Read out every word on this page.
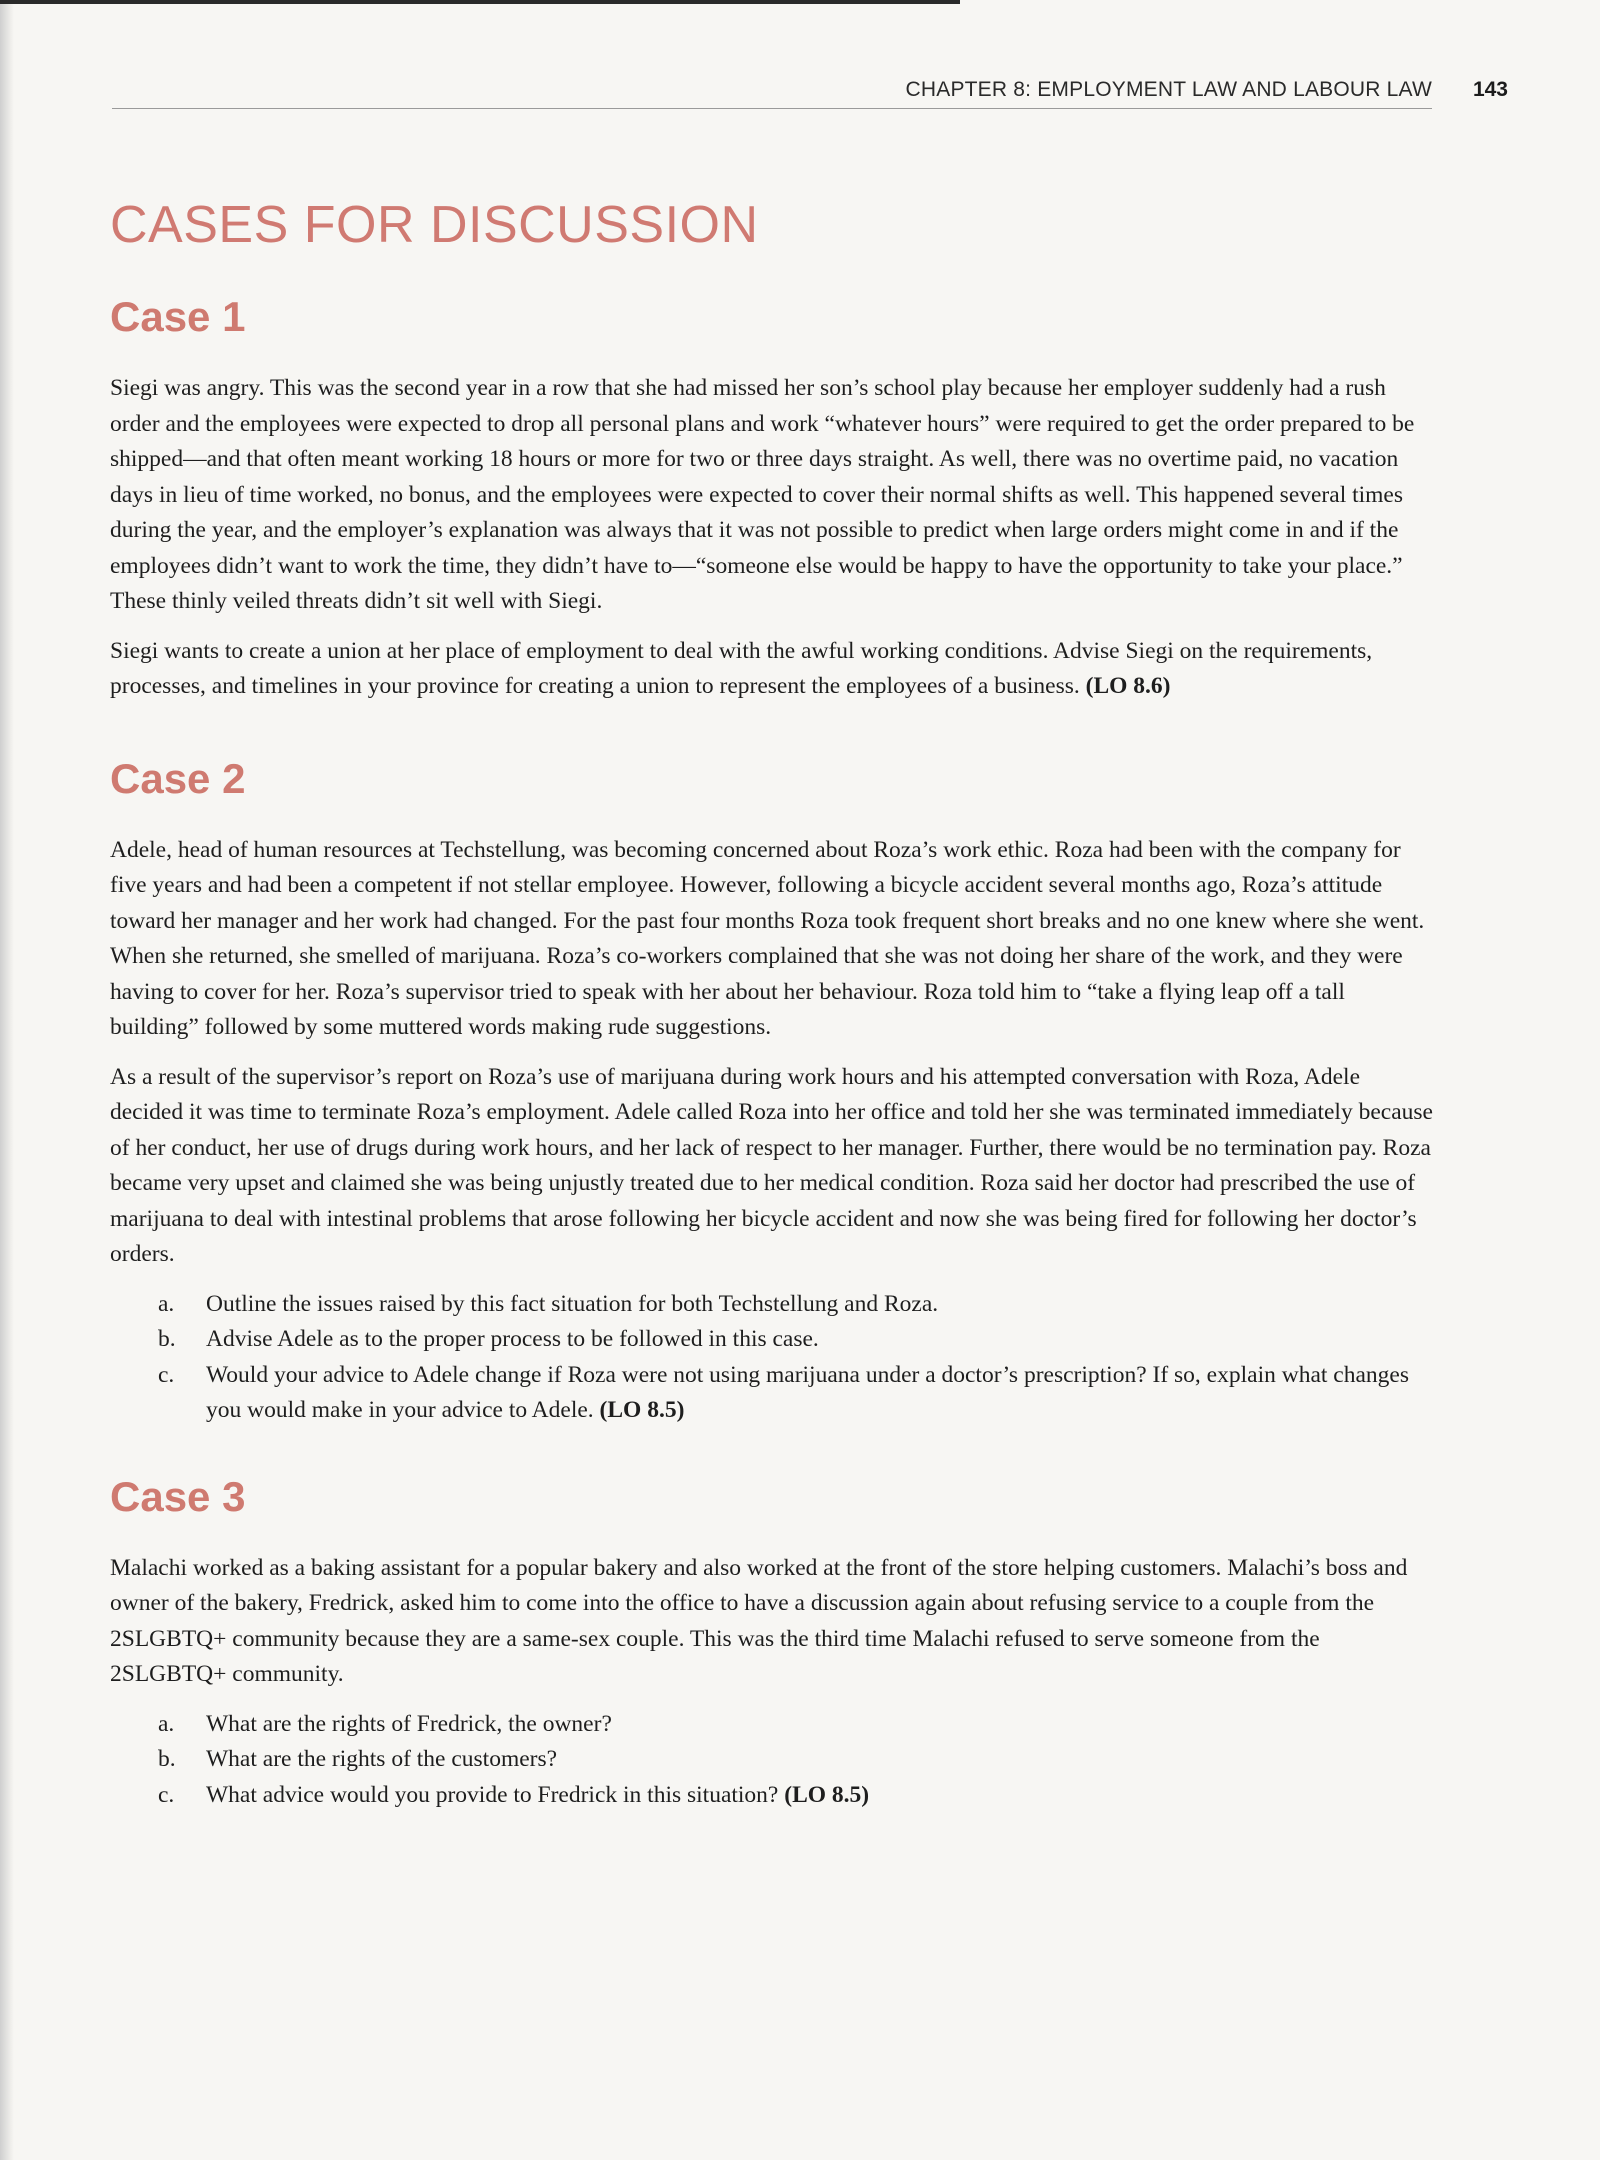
CHAPTER 8: EMPLOYMENT LAW AND LABOUR LAW 143
CASES FOR DISCUSSION
Case 1

Siegi was angry. This was the second year in a row that she had missed her son’s school play because her employer suddenly had a rush order and the employees were expected to drop all personal plans and work “whatever hours” were required to get the order prepared to be shipped—and that often meant working 18 hours or more for two or three days straight. As well, there was no overtime paid, no vacation days in lieu of time worked, no bonus, and the employees were expected to cover their normal shifts as well. This happened several times during the year, and the employer’s explanation was always that it was not possible to predict when large orders might come in and if the employees didn’t want to work the time, they didn’t have to—“someone else would be happy to have the opportunity to take your place.” These thinly veiled threats didn’t sit well with Siegi.

Siegi wants to create a union at her place of employment to deal with the awful working conditions. Advise Siegi on the requirements, processes, and timelines in your province for creating a union to represent the employees of a business. (LO 8.6)

Case 2

Adele, head of human resources at Techstellung, was becoming concerned about Roza’s work ethic. Roza had been with the company for five years and had been a competent if not stellar employee. However, following a bicycle accident several months ago, Roza’s attitude toward her manager and her work had changed. For the past four months Roza took frequent short breaks and no one knew where she went. When she returned, she smelled of marijuana. Roza’s co-workers complained that she was not doing her share of the work, and they were having to cover for her. Roza’s supervisor tried to speak with her about her behaviour. Roza told him to “take a flying leap off a tall building” followed by some muttered words making rude suggestions.

As a result of the supervisor’s report on Roza’s use of marijuana during work hours and his attempted conversation with Roza, Adele decided it was time to terminate Roza’s employment. Adele called Roza into her office and told her she was terminated immediately because of her conduct, her use of drugs during work hours, and her lack of respect to her manager. Further, there would be no termination pay. Roza became very upset and claimed she was being unjustly treated due to her medical condition. Roza said her doctor had prescribed the use of marijuana to deal with intestinal problems that arose following her bicycle accident and now she was being fired for following her doctor’s orders.

a. Outline the issues raised by this fact situation for both Techstellung and Roza.
b. Advise Adele as to the proper process to be followed in this case.
c. Would your advice to Adele change if Roza were not using marijuana under a doctor’s prescription? If so, explain what changes you would make in your advice to Adele. (LO 8.5)
Case 3

Malachi worked as a baking assistant for a popular bakery and also worked at the front of the store helping customers. Malachi’s boss and owner of the bakery, Fredrick, asked him to come into the office to have a discussion again about refusing service to a couple from the 2SLGBTQ+ community because they are a same-sex couple. This was the third time Malachi refused to serve someone from the 2SLGBTQ+ community.

a. What are the rights of Fredrick, the owner?
b. What are the rights of the customers?
c. What advice would you provide to Fredrick in this situation? (LO 8.5)
